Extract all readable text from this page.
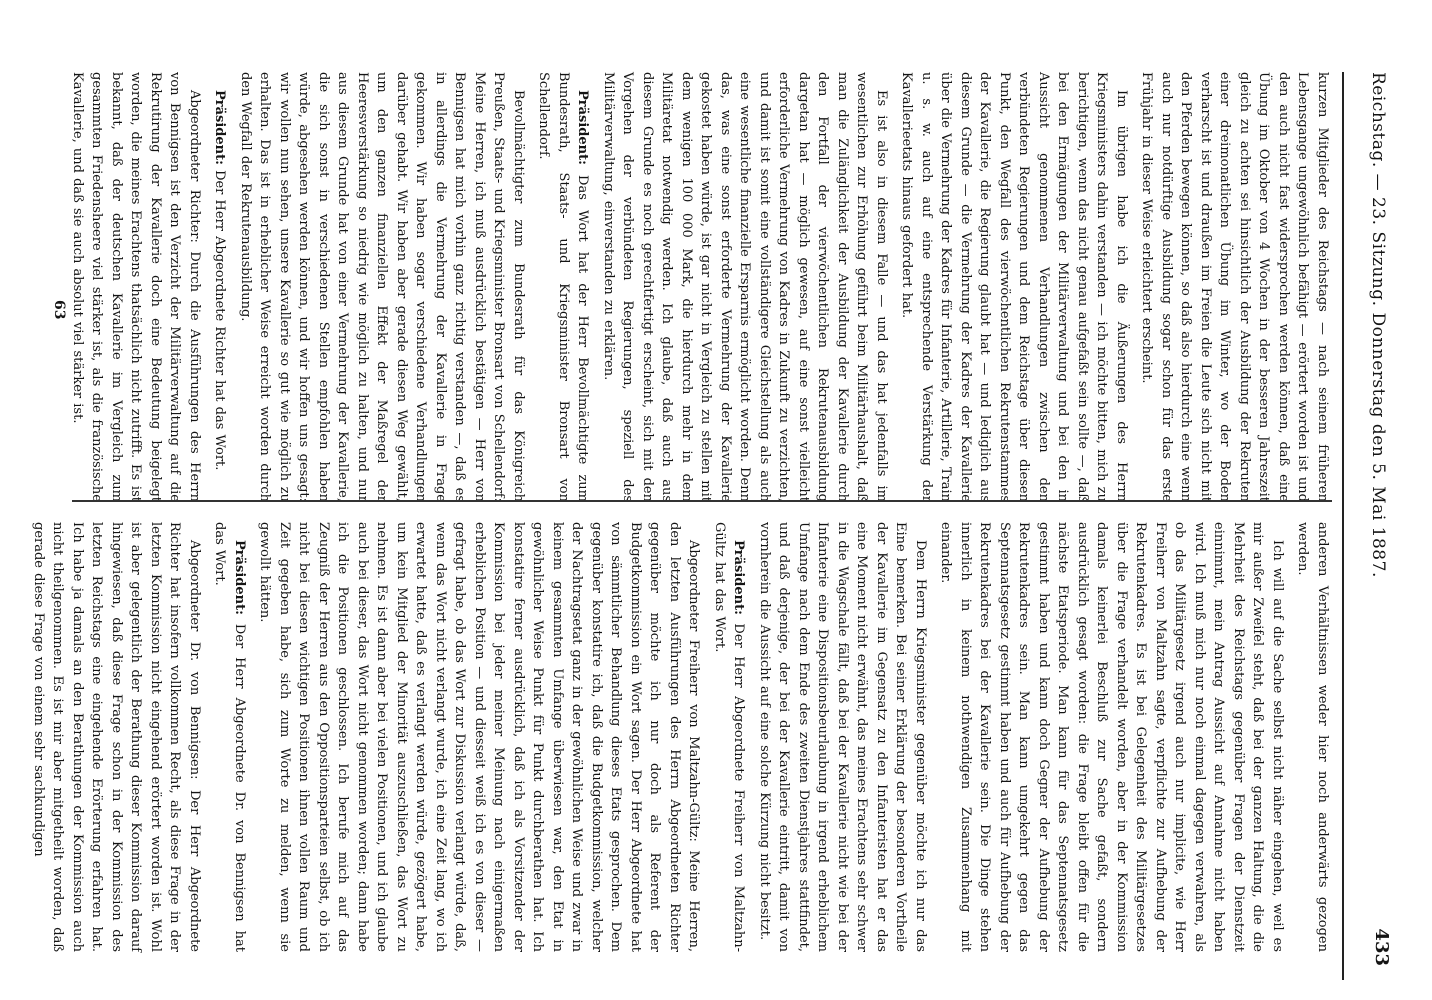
Reichstag. — 23. Sitzung. Donnerstag den 5. Mai 1887.
433

kurzen Mitglieder des Reichstags — nach seinem früheren Lebensgange ungewöhnlich befähigt — erörtert worden ist und den auch nicht fast widersprochen werden können, daß eine Übung im Oktober von 4 Wochen in der besseren Jahreszeit gleich zu achten sei hinsichtlich der Ausbildung der Rekruten einer dreimonatlichen Übung im Winter, wo der Boden verharscht ist und draußen im Freien die Leute sich nicht mit den Pferden bewegen können, so daß also hierdurch eine wenn auch nur notdürftige Ausbildung sogar schon für das erste Frühjahr in dieser Weise erleichtert erscheint.

Im übrigen habe ich die Äußerungen des Herrn Kriegsministers dahin verstanden — ich möchte bitten, mich zu berichtigen, wenn das nicht genau aufgefaßt sein sollte —, daß bei den Ermägungen der Militärverwaltung und bei den in Aussicht genommenen Verhandlungen zwischen den verbündeten Regierungen und dem Reichstage über diesen Punkt, den Wegfall des vierwöchentlichen Rekrutenstammes der Kavallerie, die Regierung glaubt hat — und lediglich aus diesem Grunde — die Vermehrung der Kadres der Kavallerie über die Vermehrung der Kadres für Infanterie, Artillerie, Train u. s. w. auch auf eine entsprechende Verstärkung der Kavallerieetats hinaus gefordert hat.

Es ist also in diesem Falle — und das hat jedenfalls im wesentlichen zur Erhöhung geführt beim Militärhaushalt, daß man die Zulänglichkeit der Ausbildung der Kavallerie durch den Fortfall der vierwöchentlichen Rekrutenausbildung dargetan hat — möglich gewesen, auf eine sonst vielleicht erforderliche Vermehrung von Kadres in Zukunft zu verzichten, und damit ist somit eine vollständigere Gleichstellung als auch eine wesentliche finanzielle Ersparnis ermöglicht worden. Denn das, was eine sonst erforderte Vermehrung der Kavallerie gekostet haben würde, ist gar nicht in Vergleich zu stellen mit dem wenigen 100 000 Mark, die hierdurch mehr in dem Militäretat notwendig werden. Ich glaube, daß auch aus diesem Grunde es noch gerechtfertigt erscheint, sich mit den Vorgehen der verbündeten Regierungen, speziell des Militärverwaltung, einverstanden zu erklären.

Präsident: Das Wort hat der Herr Bevollmächtigte zum Bundesrath, Staats- und Kriegsminister Bronsart von Schellendorf.

Bevollmächtigter zum Bundesrath für das Königreich Preußen, Staats- und Kriegsminister Bronsart von Schellendorf: Meine Herren, ich muß ausdrücklich bestätigen — Herr von Bennigsen hat mich vorhin ganz richtig verstanden —, daß es in allerdings die Vermehrung der Kavallerie in Frage gekommen. Wir haben sogar verschiedene Verhandlungen darüber gehabt. Wir haben aber gerade diesen Weg gewählt, um den ganzen finanziellen Effekt der Maßregel der Heeresverstärkung so niedrig wie möglich zu halten, und nur aus diesem Grunde hat von einer Vermehrung der Kavallerie, die sich sonst in verschiedenen Stellen empfohlen haben würde, abgesehen werden können, und wir hoffen uns gesagt: wir wollen nun sehen, unsere Kavallerie so gut wie möglich zu erhalten. Das ist in erheblicher Weise erreicht worden durch den Wegfall der Rekrutenausbildung.

Präsident: Der Herr Abgeordnete Richter hat das Wort.

Abgeordneter Richter: Durch die Ausführungen des Herrn von Bennigsen ist den Verzicht der Militärverwaltung auf die Rekrutirung der Kavallerie doch eine Bedeutung beigelegt worden, die meines Erachtens thatsächlich nicht zutrifft. Es ist bekannt, daß der deutschen Kavallerie im Vergleich zum gesammten Friedensheere viel stärker ist, als die französische Kavallerie, und daß sie auch absolut viel stärker ist.

anderen Verhältnissen weder hier noch anderwärts gezogen werden.

Ich will auf die Sache selbst nicht näher eingehen, weil es mir außer Zweifel steht, daß bei der ganzen Haltung, die die Mehrheit des Reichstags gegenüber Fragen der Dienstzeit einnimmt, mein Antrag Aussicht auf Annahme nicht haben wird. Ich muß mich nur noch einmal dagegen verwahren, als ob das Militärgesetz irgend auch nur implicite, wie Herr Freiherr von Maltzahn sagte, verpflichte zur Aufhebung der Rekrutenkadres. Es ist bei Gelegenheit des Militärgesetzes über die Frage verhandelt worden, aber in der Kommission damals keinerlei Beschluß zur Sache gefaßt, sondern ausdrücklich gesagt worden: die Frage bleibt offen für die nächste Etatsperiode. Man kann für das Septennatsgesetz gestimmt haben und kann doch Gegner der Aufhebung der Rekrutenkadres sein. Man kann umgekehrt gegen das Septennatsgesetz gestimmt haben und auch für Aufhebung der Rekrutenkadres bei der Kavallerie sein. Die Dinge stehen innerlich in keinem nothwendigen Zusammenhang mit einander.

Dem Herrn Kriegsminister gegenüber möchte ich nur das Eine bemerken. Bei seiner Erklärung der besonderen Vortheile der Kavallerie im Gegensatz zu den Infanteristen hat er das eine Moment nicht erwähnt, das meines Erachtens sehr schwer in die Wagschale fällt, daß bei der Kavallerie nicht wie bei der Infanterie eine Dispositionsbeurlaubung in irgend erheblichem Umfange nach dem Ende des zweiten Dienstjahres stattfindet, und daß derjenige, der bei der Kavallerie eintritt, damit von vornherein die Aussicht auf eine solche Kürzung nicht besitzt.

Präsident: Der Herr Abgeordnete Freiherr von Maltzahn-Gültz hat das Wort.

Abgeordneter Freiherr von Maltzahn-Gültz: Meine Herren, den letzten Ausführungen des Herrn Abgeordneten Richter gegenüber möchte ich nur doch als Referent der Budgetkommission ein Wort sagen. Der Herr Abgeordnete hat von sämmtlicher Behandlung dieses Etats gesprochen. Dem gegenüber konstatire ich, daß die Budgetkommission, welcher der Nachtragsetat ganz in der gewöhnlichen Weise und zwar in keinem gesammten Umfange überwiesen war, den Etat in gewöhnlicher Weise Punkt für Punkt durchberathen hat. Ich konstatire ferner ausdrücklich, daß ich als Vorsitzender der Kommission bei jeder meiner Meinung nach einigermaßen erheblichen Position — und diesseit weiß ich es von dieser — gefragt habe, ob das Wort zur Diskussion verlangt würde, daß, wenn das Wort nicht verlangt wurde, ich eine Zeit lang, wo ich erwartet hatte, daß es verlangt werden würde, gezögert habe, um kein Mitglied der Minorität auszuschließen, das Wort zu nehmen. Es ist dann aber bei vielen Positionen, und ich glaube auch bei dieser, das Wort nicht genommen worden; dann habe ich die Positionen geschlossen. Ich berufe mich auf das Zeugniß der Herren aus den Oppositionsparteien selbst, ob ich nicht bei diesen wichtigen Positionen ihnen vollen Raum und Zeit gegeben habe, sich zum Worte zu melden, wenn sie gewollt hätten.

Präsident: Der Herr Abgeordnete Dr. von Bennigsen hat das Wort.

Abgeordneter Dr. von Bennigsen: Der Herr Abgeordnete Richter hat insofern vollkommen Recht, als diese Frage in der letzten Kommission nicht eingehend erörtert worden ist. Wohl ist aber gelegentlich der Berathung dieser Kommission darauf hingewiesen, daß diese Frage schon in der Kommission des letzten Reichstags eine eingehende Erörterung erfahren hat. Ich habe ja damals an den Berathungen der Kommission auch nicht theilgenommen. Es ist mir aber mitgetheilt worden, daß gerade diese Frage von einem sehr sachkundigen

63
